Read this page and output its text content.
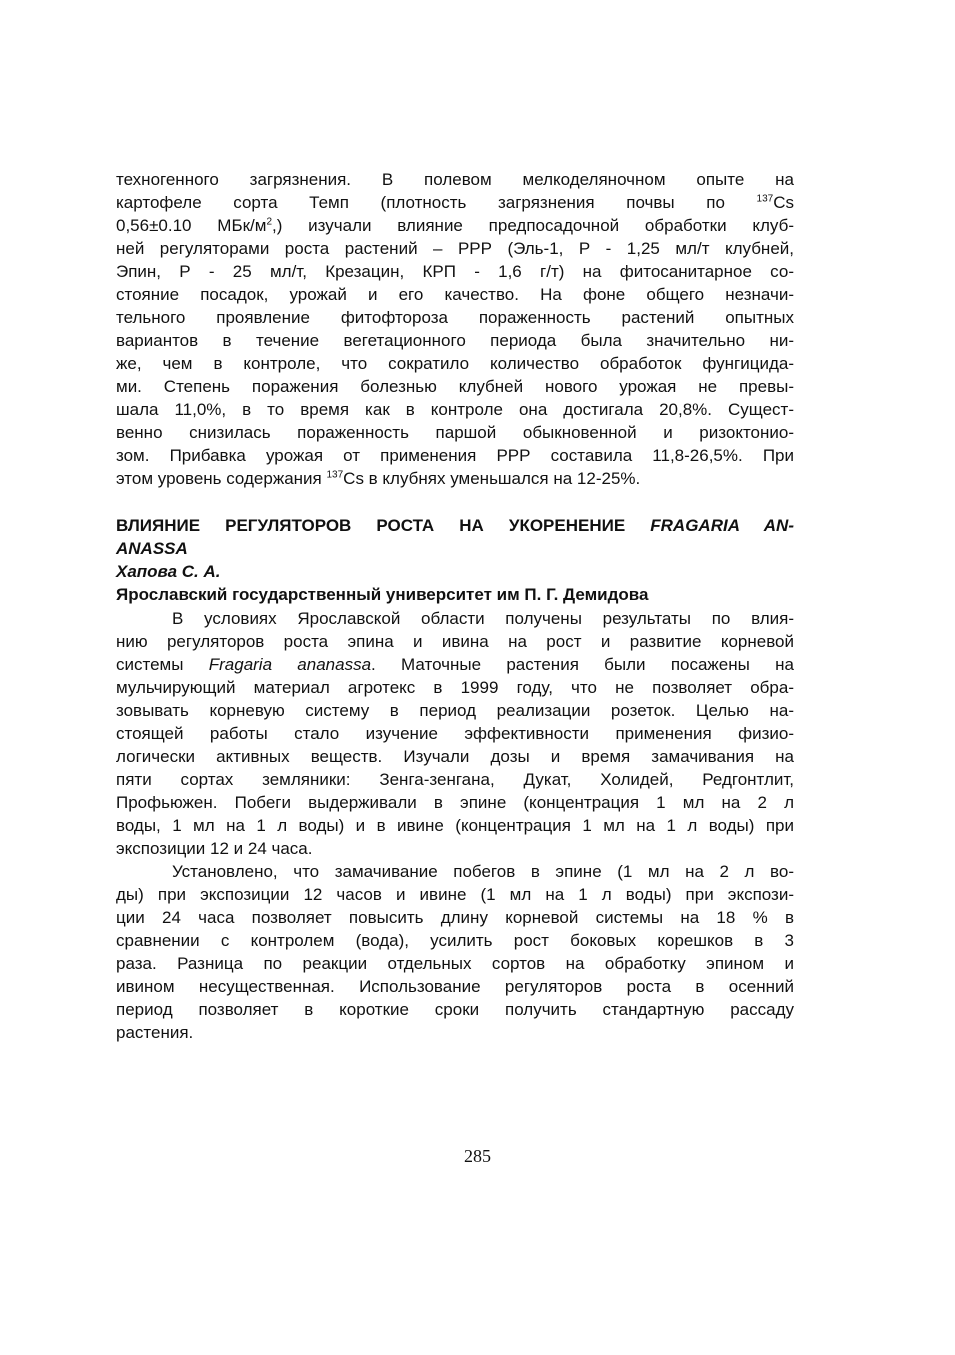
техногенного загрязнения. В полевом мелкоделяночном опыте на
картофеле сорта Темп (плотность загрязнения почвы по $^{137}$Cs
0,56±0.10 МБк/$м^2$,) изучали влияние предпосадочной обработки клуб-
ней регуляторами роста растений – РРР (Эль-1, Р - 1,25 мл/т клубней,
Эпин, Р - 25 мл/т, Крезацин, КРП - 1,6 г/т) на фитосанитарное со-
стояние посадок, урожай и его качество. На фоне общего незначи-
тельного проявление фитофтороза пораженность растений опытных
вариантов в течение вегетационного периода была значительно ни-
же, чем в контроле, что сократило количество обработок фунгицида-
ми. Степень поражения болезнью клубней нового урожая не превы-
шала 11,0%, в то время как в контроле она достигала 20,8%. Сущест-
венно снизилась пораженность паршой обыкновенной и ризоктонио-
зом. Прибавка урожая от применения РРР составила 11,8-26,5%. При
этом уровень содержания $^{137}$Cs в клубнях уменьшался на 12-25%.
ВЛИЯНИЕ РЕГУЛЯТОРОВ РОСТА НА УКОРЕНЕНИЕ FRAGARIA AN-
ANASSA
Хапова С. А.
Ярославский государственный университет им П. Г. Демидова
В условиях Ярославской области получены результаты по влия-
нию регуляторов роста эпина и ивина на рост и развитие корневой
системы Fragaria ananassa. Маточные растения были посажены на
мульчирующий материал агротекс в 1999 году, что не позволяет обра-
зовывать корневую систему в период реализации розеток. Целью на-
стоящей работы стало изучение эффективности применения физио-
логически активных веществ. Изучали дозы и время замачивания на
пяти сортах земляники: Зенга-зенгана, Дукат, Холидей, Редгонтлит,
Профьюжен. Побеги выдерживали в эпине (концентрация 1 мл на 2 л
воды, 1 мл на 1 л воды) и в ивине (концентрация 1 мл на 1 л воды) при
экспозиции 12 и 24 часа.
Установлено, что замачивание побегов в эпине (1 мл на 2 л во-
ды) при экспозиции 12 часов и ивине (1 мл на 1 л воды) при экспози-
ции 24 часа позволяет повысить длину корневой системы на 18 % в
сравнении с контролем (вода), усилить рост боковых корешков в 3
раза. Разница по реакции отдельных сортов на обработку эпином и
ивином несущественная. Использование регуляторов роста в осенний
период позволяет в короткие сроки получить стандартную рассаду
растения.
285
